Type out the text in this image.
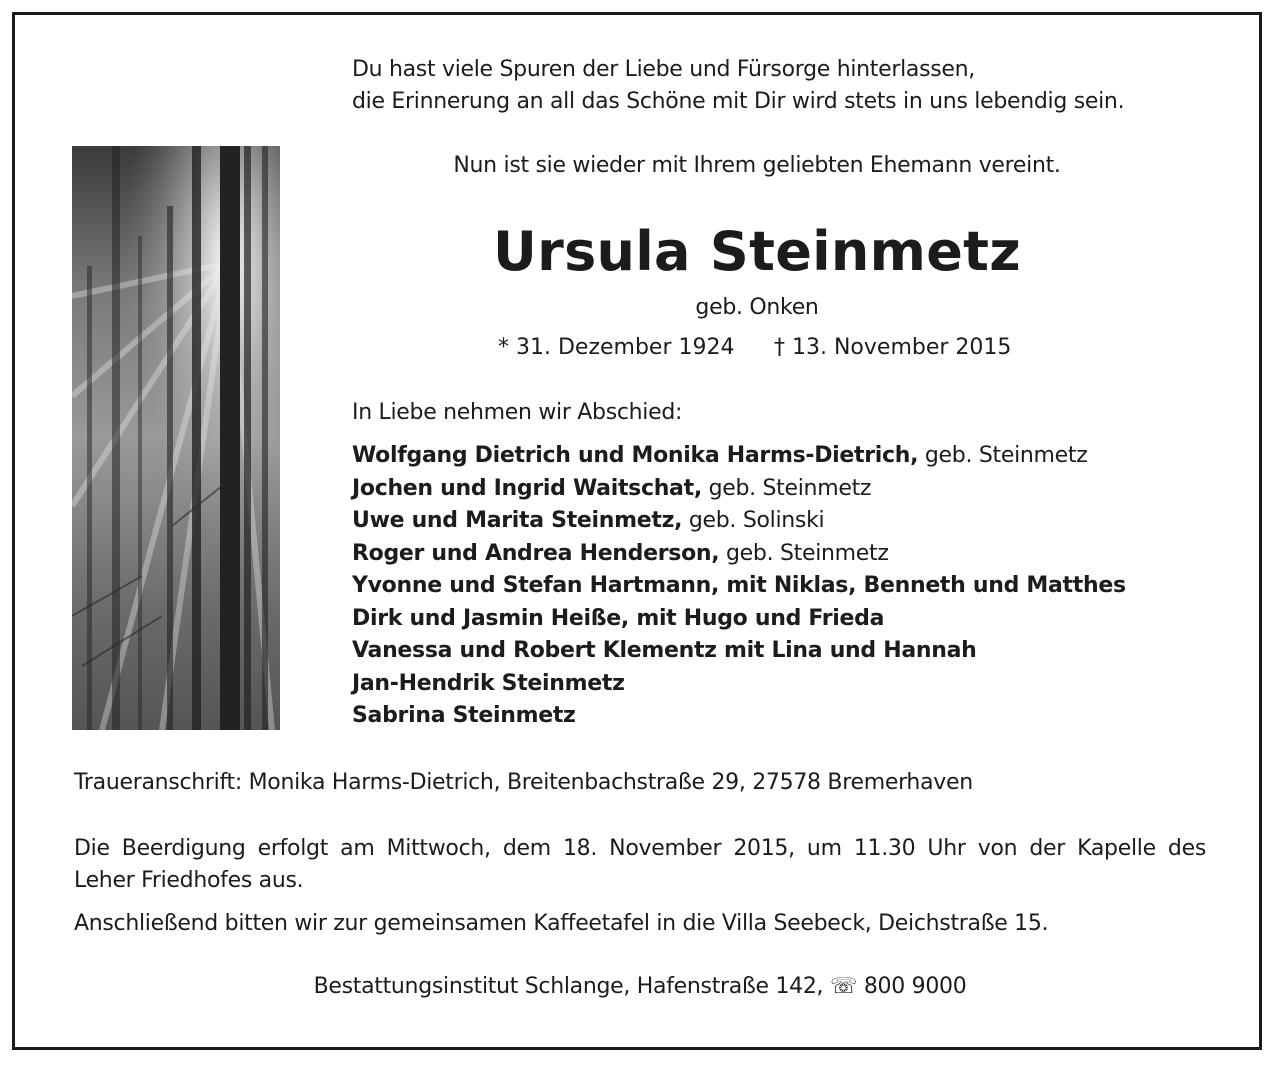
Du hast viele Spuren der Liebe und Fürsorge hinterlassen,
die Erinnerung an all das Schöne mit Dir wird stets in uns lebendig sein.
Nun ist sie wieder mit Ihrem geliebten Ehemann vereint.
Ursula Steinmetz
geb. Onken
* 31. Dezember 1924 † 13. November 2015
In Liebe nehmen wir Abschied:
Wolfgang Dietrich und Monika Harms-Dietrich, geb. Steinmetz
Jochen und Ingrid Waitschat, geb. Steinmetz
Uwe und Marita Steinmetz, geb. Solinski
Roger und Andrea Henderson, geb. Steinmetz
Yvonne und Stefan Hartmann, mit Niklas, Benneth und Matthes
Dirk und Jasmin Heiße, mit Hugo und Frieda
Vanessa und Robert Klementz mit Lina und Hannah
Jan-Hendrik Steinmetz
Sabrina Steinmetz
Traueranschrift: Monika Harms-Dietrich, Breitenbachstraße 29, 27578 Bremerhaven
Die Beerdigung erfolgt am Mittwoch, dem 18. November 2015, um 11.30 Uhr von der Kapelle des
Leher Friedhofes aus.
Anschließend bitten wir zur gemeinsamen Kaffeetafel in die Villa Seebeck, Deichstraße 15.
Bestattungsinstitut Schlange, Hafenstraße 142, ☏ 800 9000
